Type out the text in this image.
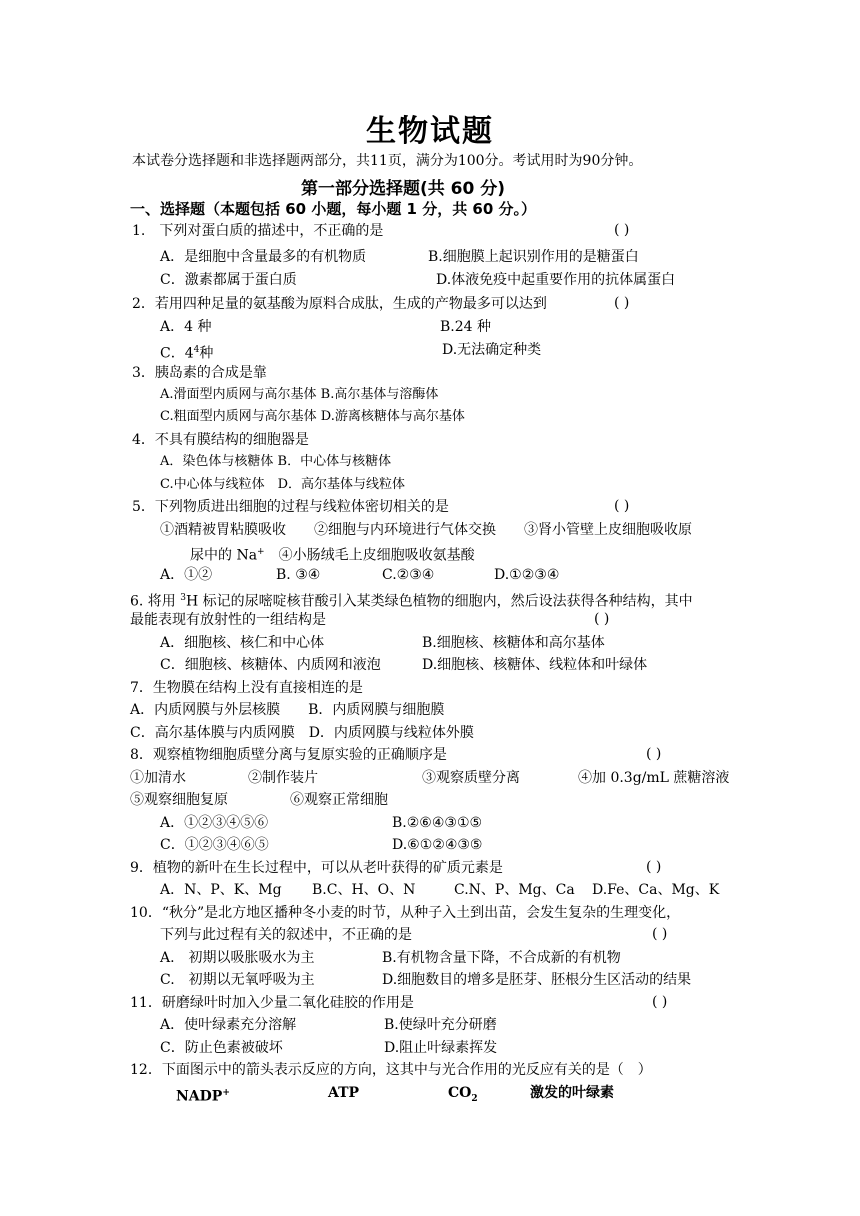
生物试题
本试卷分选择题和非选择题两部分，共11页，满分为100分。考试用时为90分钟。
第一部分选择题(共 60 分)
一、选择题（本题包括 60 小题，每小题 1 分，共 60 分。）
1.　下列对蛋白质的描述中，不正确的是	( )
A．是细胞中含量最多的有机物质	B.细胞膜上起识别作用的是糖蛋白
C．激素都属于蛋白质	D.体液免疫中起重要作用的抗体属蛋白
2．若用四种足量的氨基酸为原料合成肽，生成的产物最多可以达到	( )
A．4 种	B.24 种
C．$4^4$种	D.无法确定种类
3．胰岛素的合成是靠
A.滑面型内质网与高尔基体 B.高尔基体与溶酶体
C.粗面型内质网与高尔基体 D.游离核糖体与高尔基体
4．不具有膜结构的细胞器是
A．染色体与核糖体 B．中心体与核糖体
C.中心体与线粒体　D．高尔基体与线粒体
5．下列物质进出细胞的过程与线粒体密切相关的是	( )
①酒精被胃粘膜吸收　　②细胞与内环境进行气体交换　　③肾小管壁上皮细胞吸收原
尿中的 Na+　④小肠绒毛上皮细胞吸收氨基酸
A．①②	B. ③④	C.②③④	D.①②③④
6. 将用 $^3$H 标记的尿嘧啶核苷酸引入某类绿色植物的细胞内，然后设法获得各种结构，其中
最能表现有放射性的一组结构是	( )
A．细胞核、核仁和中心体	B.细胞核、核糖体和高尔基体
C．细胞核、核糖体、内质网和液泡	D.细胞核、核糖体、线粒体和叶绿体
7．生物膜在结构上没有直接相连的是
A．内质网膜与外层核膜　　B．内质网膜与细胞膜
C．高尔基体膜与内质网膜　D．内质网膜与线粒体外膜
8．观察植物细胞质壁分离与复原实验的正确顺序是	( )
①加清水	②制作装片	③观察质壁分离	④加 0.3g/mL 蔗糖溶液
⑤观察细胞复原	⑥观察正常细胞
A．①②③④⑤⑥	B.②⑥④③①⑤
C．①②③④⑥⑤	D.⑥①②④③⑤
9．植物的新叶在生长过程中，可以从老叶获得的矿质元素是	( )
A．N、P、K、Mg B.C、H、O、N	C.N、P、Mg、Ca D.Fe、Ca、Mg、K
10．“秋分”是北方地区播种冬小麦的时节，从种子入土到出苗，会发生复杂的生理变化，
下列与此过程有关的叙述中，不正确的是	( )
A.　初期以吸胀吸水为主	B.有机物含量下降，不合成新的有机物
C.　初期以无氧呼吸为主	D.细胞数目的增多是胚芽、胚根分生区活动的结果
11．研磨绿叶时加入少量二氧化硅胶的作用是	( )
A．使叶绿素充分溶解	B.使绿叶充分研磨
C．防止色素被破坏	D.阻止叶绿素挥发
12．下面图示中的箭头表示反应的方向，这其中与光合作用的光反应有关的是（　）
NADP+	ATP	$CO_2$	激发的叶绿素
